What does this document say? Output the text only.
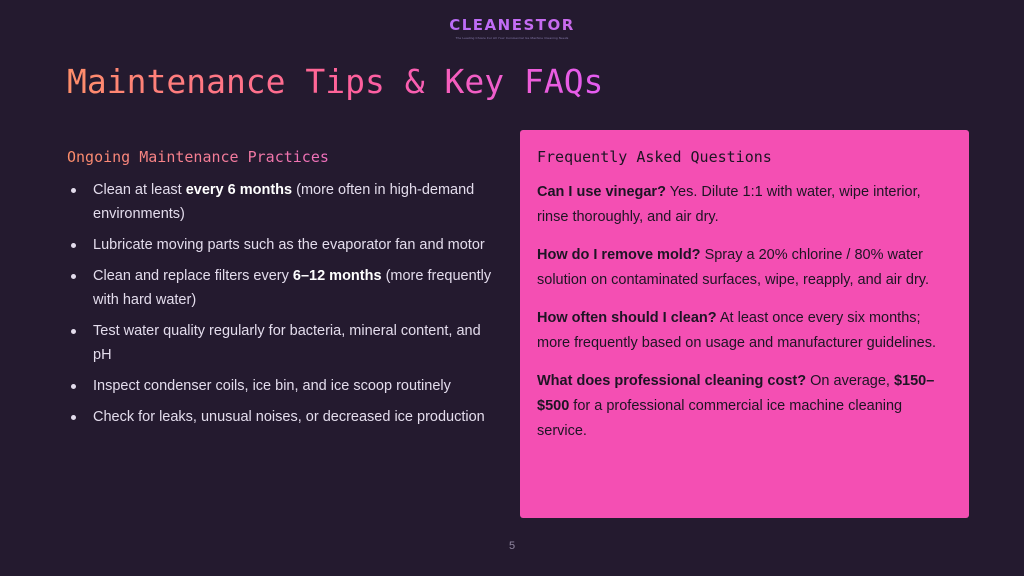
CLEANESTOR
The Leading Choice For All Your Commercial Ice Machine Cleaning Needs
Maintenance Tips & Key FAQs
Ongoing Maintenance Practices
Clean at least every 6 months (more often in high-demand environments)
Lubricate moving parts such as the evaporator fan and motor
Clean and replace filters every 6–12 months (more frequently with hard water)
Test water quality regularly for bacteria, mineral content, and pH
Inspect condenser coils, ice bin, and ice scoop routinely
Check for leaks, unusual noises, or decreased ice production
Frequently Asked Questions
Can I use vinegar? Yes. Dilute 1:1 with water, wipe interior, rinse thoroughly, and air dry.
How do I remove mold? Spray a 20% chlorine / 80% water solution on contaminated surfaces, wipe, reapply, and air dry.
How often should I clean? At least once every six months; more frequently based on usage and manufacturer guidelines.
What does professional cleaning cost? On average, $150–$500 for a professional commercial ice machine cleaning service.
5
